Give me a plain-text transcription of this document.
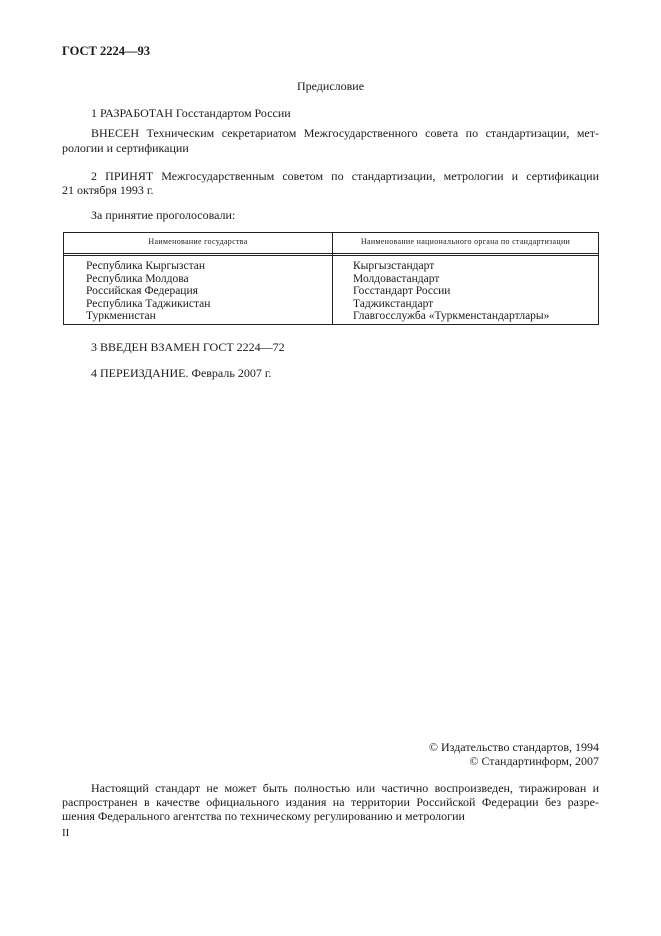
ГОСТ 2224—93
Предисловие
1 РАЗРАБОТАН Госстандартом России
ВНЕСЕН Техническим секретариатом Межгосударственного совета по стандартизации, мет-
рологии и сертификации
2 ПРИНЯТ Межгосударственным советом по стандартизации, метрологии и сертификации
21 октября 1993 г.
За принятие проголосовали:
Наименование государства	Наименование национального органа по стандартизации
Республика Кыргызстан	Кыргызстандарт
Республика Молдова	Молдовастандарт
Российская Федерация	Госстандарт России
Республика Таджикистан	Таджикстандарт
Туркменистан	Главгосслужба «Туркменстандартлары»
3 ВВЕДЕН ВЗАМЕН ГОСТ 2224—72
4 ПЕРЕИЗДАНИЕ. Февраль 2007 г.
© Издательство стандартов, 1994
© Стандартинформ, 2007
Настоящий стандарт не может быть полностью или частично воспроизведен, тиражирован и
распространен в качестве официального издания на территории Российской Федерации без разре-
шения Федерального агентства по техническому регулированию и метрологии
II
